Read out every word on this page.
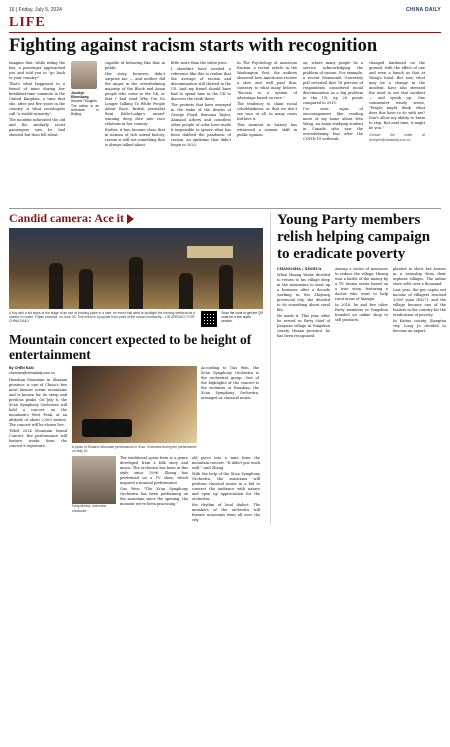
16 | Friday, July 5, 2024	CHINA DAILY
LIFE
Fighting against racism starts with recognition

Imagine that, while riding the bus, a passenger approached you and told you to "go back to your country!"

That's what happened to a friend of mine during her breakfast-time commute in the United Kingdom, a time that she, after just five years in the country, is what sociologists call "a visible minority".

The incident infuriated the old and the similarly racist passengers saw he had shouted but then fell silent.

Jocelyn Eikenburg
Second Thoughts
The author is an American in Beijing.

capable of behaving like that in public.

Her story, however, didn't surprise me — and neither did the anger in the overwhelming majority of the Black and Asian people who come to the UK, or that I had read Why I'm No Longer Talking To White People About Race, British journalist Reni Eddo-Lodge's award-winning deep dive into race relations in her country.

Earlier, it has become clear that in nations of rich mixed history, racism is still not something that is always talked about.

little more than the white pees.

I shouldn't have needed a reference like this to realize that the average of racism and discrimination still thrived in the US. And my friend should have had to spend time in the UK to discover the truth there.

The protests that have emerged in the wake of the deaths of George Floyd, Breonna Taylor, Ahmaud Arbery and countless other people of color have made it impossible to ignore what has been dubbed the pandemic of racism, an epidemic that didn't begin in 2020.

In The Psychology of American Racism, a recent article in the Washington Post, the authors observed how Americans receive a slow and well paid thin, contrary to what many believe, "Racism is a system of advantage based on race."

The tendency to claim racial colorblindness, or that we don't see race at all, in many cases furthers it.

This moment in history has witnessed a seismic shift in public opinion.

on, where many people be a service acknowledging the problem of racism. For example, a recent Monmouth University poll revealed that 76 percent of respondents considered racial discrimination as a big problem in the US, up 26 points compared to 2015.

I've seen signs of encouragement like reading more of my home about Wen Wang, an Asian studying student in Canada who saw the overwhelming fear after the COVID-19 outbreak.

changed hardened on the ground, with the effect of one and even a hunch as that at Wang's head. But now, what may be a change in the incident, have also stressed the need to see that incident — and speak up. One commenter wisely wrote, "People might think, what does this have to do with me? Don't allow my ability to harm to stop. But next time, it might be you."

Contact the writer at jocelyne@chinadaily.com.cn
Candid camera: Ace it
A boy with a kid stops at the stage of an ace at bowling place in a cafe, an event that aims to spotlight the forming weekend at a market in Linsen, Fujian province, on June 30. This event is a popular hour point of the social community. - LIN ZHEHAO / FOR CHINA DAILY
Scan the code to get the QR code for a live audio version.
Mountain concert expected to be height of entertainment
By CHEN NAN
chennan@chinadaily.com.cn

Huashan Mountain in Shaanxi province is one of China's five most famous scenic mountains and is known for its steep and perilous peaks. On July 6, the Xi'an Symphony Orchestra will hold a concert on the mountain's West Peak, at an altitude of about 2,000 meters. The concert will be shown live.

Titled 2024 Mountain Sound Concert, the performance will feature works from the concert's repertoire.

According to Gao Wen, the Xi'an Symphony Orchestra is the orchestral group. One of the highlights of the concert is the violinists at Huashan, the Xi'an Symphony Orchestra, arranged as classical music.

A photo of Shaanxi Mountain performance in Xi'an. Orchestra during the performance on May 10.
Fang Meihui, orchestra conductor.

The traditional opera form is a genre developed from a folk story and music. The orchestra has been in this style since 1996. Zhang has performed on a TV show, which inspired a musical performance.

Gao Wen: "The Xi'an Symphony Orchestra has been performing on the mountain since the opening, the moment we've been practicing."

old piece into a tune from the mountain concert. "It didn't just work well," said Zhang.

With the help of the Xi'an Symphony Orchestra, the musicians will perform classical music in a bid to connect the audience with nature and open up appreciation for the orchestra.

the rhythm of local dialect. The members of the orchestra will feature musicians from all over the city.

Young Party members relish helping campaign to eradicate poverty

CHANGSHA / XINHUA

When Huang Yunhe decided to return to his village deep in the mountains to start up a business after a decade working in the Zhejiang provincial city, she decided to do something about rural life.

He made it. This year, after he served as Party chief of Jianyuan village in Yongshun county, Hunan province, he has been recognized.

Among a series of measures to reduce the village, Huang won a battle of the money by a TV drama series based on a true story, featuring a doctor who went to help rural areas of Xiangxi.

In 2016, he and five other Party members in Yongshun founded an online shop to sell products.

planted to show her houses in a township from their orphans villages. The online store sells over a thousand.

Last year, the per capita net income of villagers reached 3,809 yuan ($527), and the village became one of the leaders in the country for the eradication of poverty.

In Kaituo county, Xiangtan city, Long Ju decided to become an expert.
